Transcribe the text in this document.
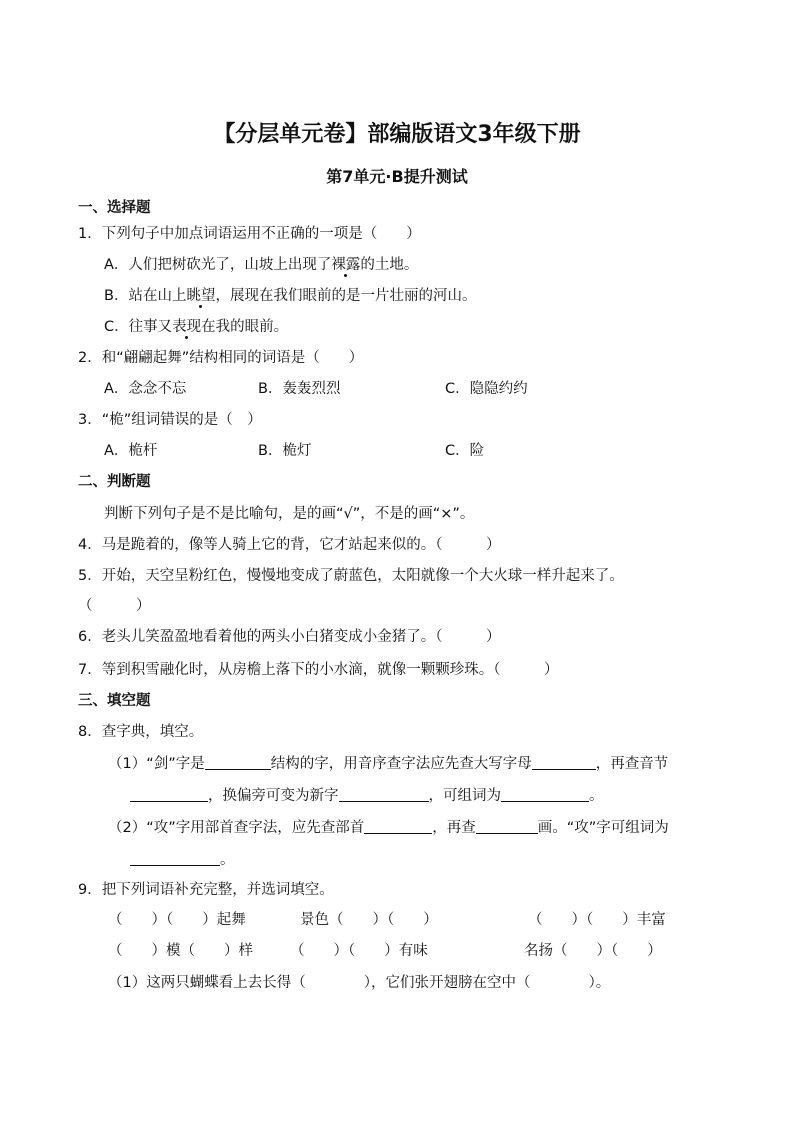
【分层单元卷】部编版语文3年级下册
第7单元·B提升测试
一、选择题
1．下列句子中加点词语运用不正确的一项是（　　）
A．人们把树砍光了，山坡上出现了裸露的土地。
B．站在山上眺望，展现在我们眼前的是一片壮丽的河山。
C．往事又表现在我的眼前。
2．和“翩翩起舞”结构相同的词语是（　　）
A．念念不忘	B．轰轰烈烈	C．隐隐约约
3．“桅”组词错误的是（　）
A．桅杆	B．桅灯	C．险
二、判断题
判断下列句子是不是比喻句，是的画“√”，不是的画“×”。
4．马是跪着的，像等人骑上它的背，它才站起来似的。（　　　）
5．开始，天空呈粉红色，慢慢地变成了蔚蓝色，太阳就像一个大火球一样升起来了。
（　　　）
6．老头儿笑盈盈地看着他的两头小白猪变成小金猪了。（　　　）
7．等到积雪融化时，从房檐上落下的小水滴，就像一颗颗珍珠。（　　　）
三、填空题
8．查字典，填空。
（1）“剑”字是	结构的字，用音序查字法应先查大写字母	，再查音节
，换偏旁可变为新字	，可组词为	。
（2）“攻”字用部首查字法，应先查部首	，再查	画。“攻”字可组词为
。
9．把下列词语补充完整，并选词填空。
（　　）（　　）起舞	景色（　　）（　　）	（　　）（　　）丰富
（　　）模（　　）样	（　　）（　　）有味	名扬（　　）（　　）
（1）这两只蝴蝶看上去长得（　　　　），它们张开翅膀在空中（　　　　）。
